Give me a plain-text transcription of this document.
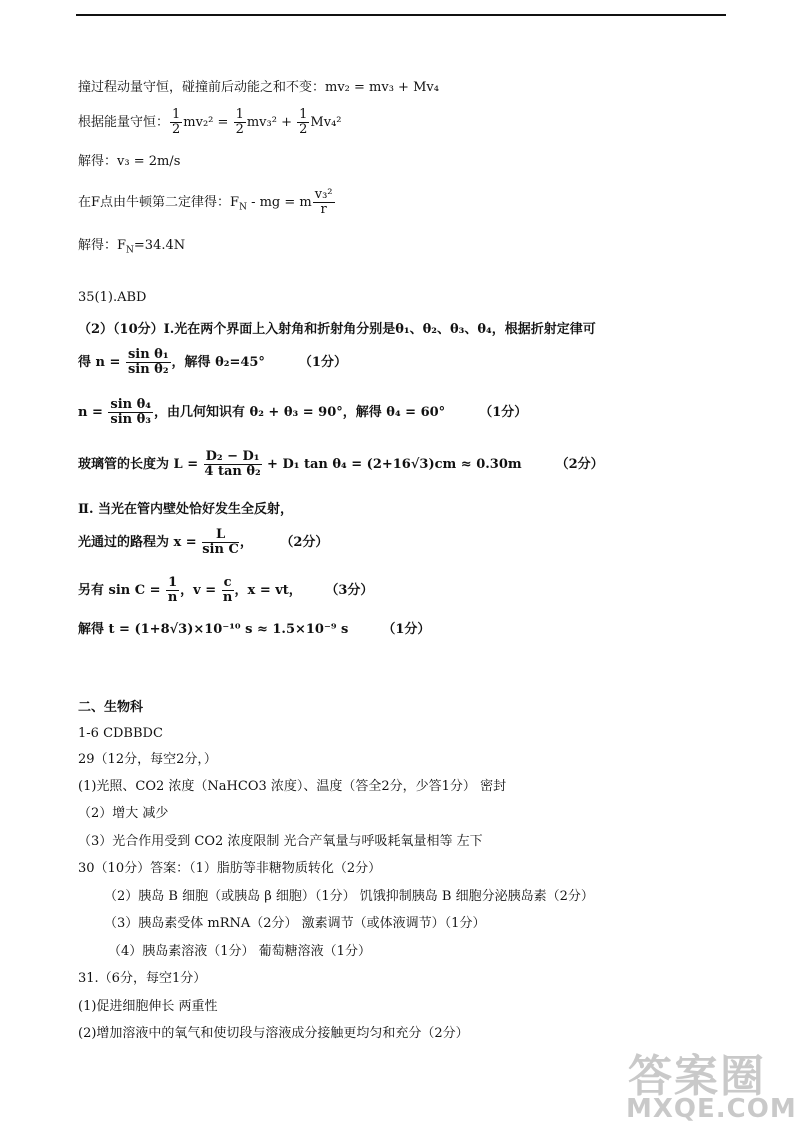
撞过程动量守恒，碰撞前后动能之和不变：mv₂ = mv₃ + Mv₄
根据能量守恒： $\frac{1}{2} mv_2^2 = \frac{1}{2} mv_3^2 + \frac{1}{2} Mv_4^2$
解得：v₃ = 2m/s
在F点由牛顿第二定律得：$F_N$ - mg = m $\frac{\text{v₃²}}{r}$
解得：$F_N=34.4N$
35(1).ABD
（2）（10分）Ⅰ.光在两个界面上入射角和折射角分别是θ₁、θ₂、θ₃、θ₄，根据折射定律可
得 $n = \frac{\text{sin θ₁}}{\text{sin θ₂}}$ ，解得 θ₂=45°	（1分）
$n = \frac{\text{sin θ₄}}{\text{sin θ₃}}$ ，由几何知识有 θ₂ + θ₃ = 90°，解得 θ₄ = 60°	（1分）
玻璃管的长度为 $L = \frac{\text{D₂ − D₁}}{\text{4 tan θ₂}} + D_1$ tan θ₄ = (2+16√3)cm ≈ 0.30m	（2分）
Ⅱ. 当光在管内壁处恰好发生全反射，
光通过的路程为 $x = \frac{L}{\text{sin C}}$ ，	（2分）
另有 $\sin C = \frac{1}{n}$ ，$v = \frac{c}{n}$ ，x = vt， （3分）
解得 t = (1+8√3)×10⁻¹⁰ s ≈ 1.5×10⁻⁹ s	（1分）
二、生物科
1-6 CDBBDC
29（12分，每空2分，）
(1)光照、CO2 浓度（NaHCO3 浓度）、温度（答全2分，少答1分） 密封
（2）增大 减少
（3）光合作用受到 CO2 浓度限制 光合产氧量与呼吸耗氧量相等 左下
30（10分）答案：（1）脂肪等非糖物质转化（2分）
（2）胰岛 B 细胞（或胰岛 β 细胞）（1分） 饥饿抑制胰岛 B 细胞分泌胰岛素（2分）
（3）胰岛素受体 mRNA（2分） 激素调节（或体液调节）（1分）
（4）胰岛素溶液（1分） 葡萄糖溶液（1分）
31.（6分，每空1分）
(1)促进细胞伸长 两重性
(2)增加溶液中的氧气和使切段与溶液成分接触更均匀和充分（2分）
答案圈
MXQE.COM
